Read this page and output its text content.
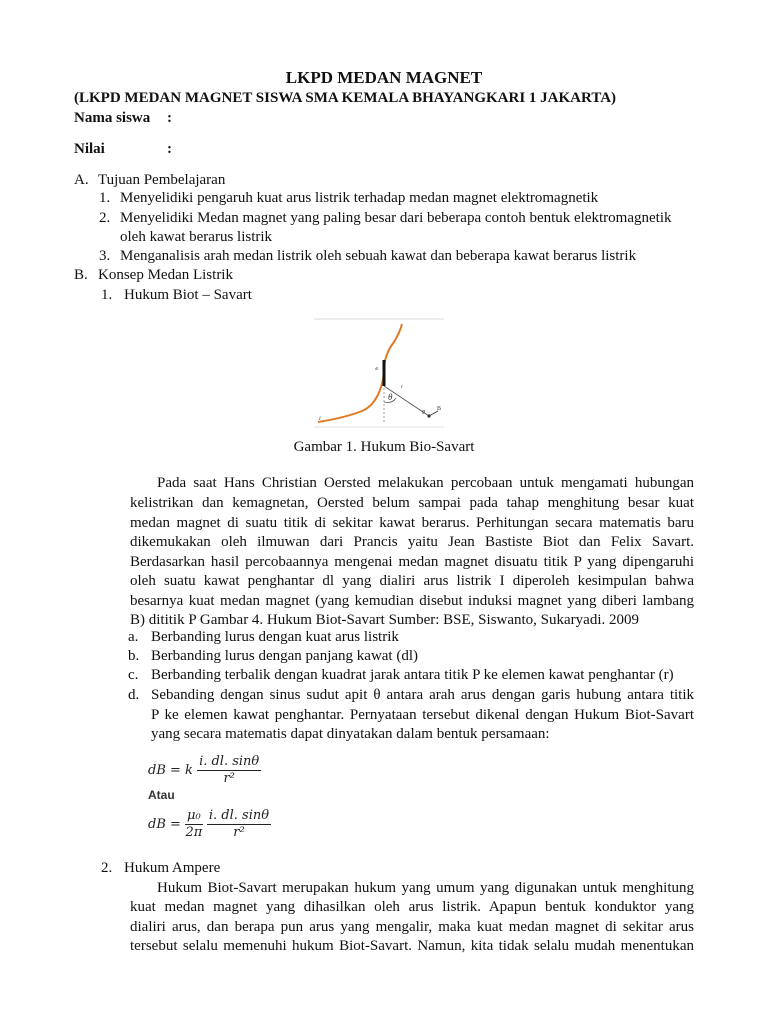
LKPD MEDAN MAGNET
(LKPD MEDAN MAGNET SISWA SMA KEMALA BHAYANGKARI 1 JAKARTA)
Nama siswa :
Nilai	:
A. Tujuan Pembelajaran
1. Menyelidiki pengaruh kuat arus listrik terhadap medan magnet elektromagnetik
2. Menyelidiki Medan magnet yang paling besar dari beberapa contoh bentuk elektromagnetik
oleh kawat berarus listrik
3. Menganalisis arah medan listrik oleh sebuah kawat dan beberapa kawat berarus listrik
B. Konsep Medan Listrik
1. Hukum Biot – Savart
θ
P
B
I
r
dl
Gambar 1. Hukum Bio-Savart
Pada saat Hans Christian Oersted melakukan percobaan untuk mengamati hubungan
kelistrikan dan kemagnetan, Oersted belum sampai pada tahap menghitung besar kuat
medan magnet di suatu titik di sekitar kawat berarus. Perhitungan secara matematis baru
dikemukakan oleh ilmuwan dari Prancis yaitu Jean Bastiste Biot dan Felix Savart.
Berdasarkan hasil percobaannya mengenai medan magnet disuatu titik P yang dipengaruhi
oleh suatu kawat penghantar dl yang dialiri arus listrik I diperoleh kesimpulan bahwa
besarnya kuat medan magnet (yang kemudian disebut induksi magnet yang diberi lambang
B) dititik P Gambar 4. Hukum Biot-Savart Sumber: BSE, Siswanto, Sukaryadi. 2009
a. Berbanding lurus dengan kuat arus listrik
b. Berbanding lurus dengan panjang kawat (dl)
c. Berbanding terbalik dengan kuadrat jarak antara titik P ke elemen kawat penghantar (r)
d. Sebanding dengan sinus sudut apit θ antara arah arus dengan garis hubung antara titik
P ke elemen kawat penghantar. Pernyataan tersebut dikenal dengan Hukum Biot-Savart
yang secara matematis dapat dinyatakan dalam bentuk persamaan:
dB = k $\frac{i. dl. \sin\theta}{\text{r²}}$
Atau
dB = $\frac{\text{μ₀}}{2\pi}$
$\frac{i. dl. \sin\theta}{\text{r²}}$
2. Hukum Ampere
Hukum Biot-Savart merupakan hukum yang umum yang digunakan untuk menghitung
kuat medan magnet yang dihasilkan oleh arus listrik. Apapun bentuk konduktor yang
dialiri arus, dan berapa pun arus yang mengalir, maka kuat medan magnet di sekitar arus
tersebut selalu memenuhi hukum Biot-Savart. Namun, kita tidak selalu mudah menentukan
